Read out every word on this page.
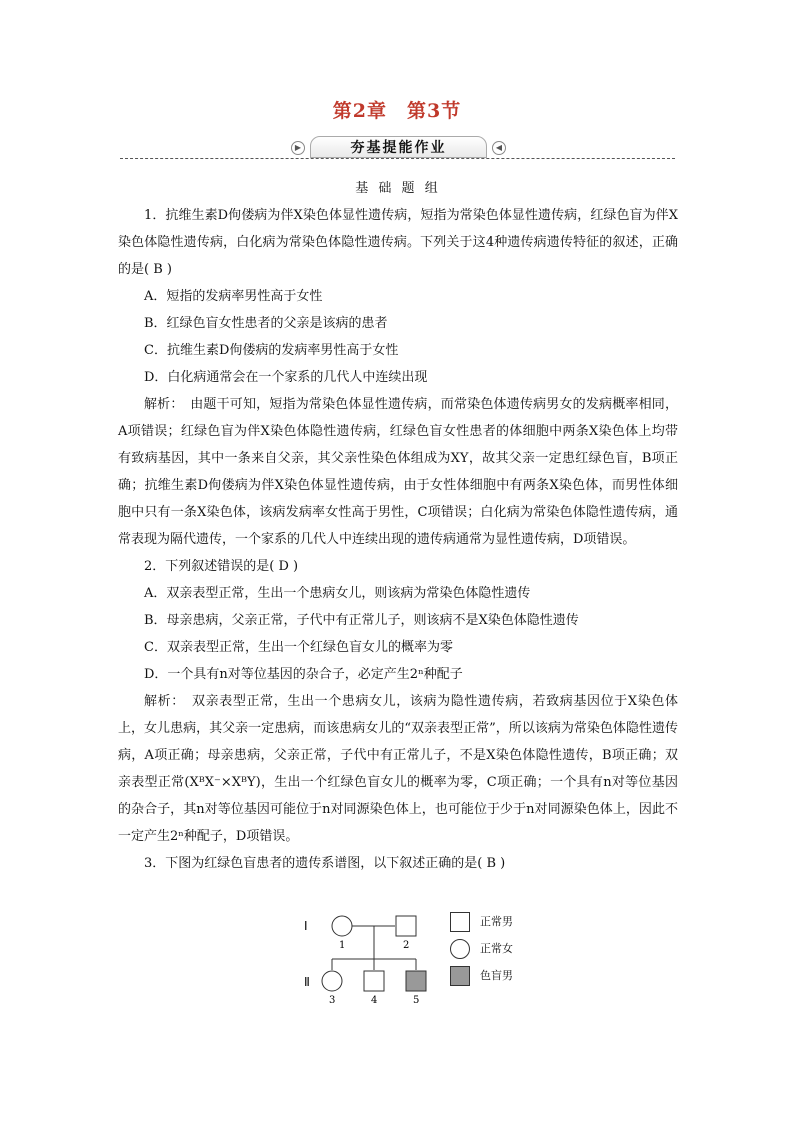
第2章　第3节
▶	夯基提能作业	◀
基 础 题 组

1．抗维生素D佝偻病为伴X染色体显性遗传病，短指为常染色体显性遗传病，红绿色盲为伴X染色体隐性遗传病，白化病为常染色体隐性遗传病。下列关于这4种遗传病遗传特征的叙述，正确的是( B )

A．短指的发病率男性高于女性

B．红绿色盲女性患者的父亲是该病的患者

C．抗维生素D佝偻病的发病率男性高于女性

D．白化病通常会在一个家系的几代人中连续出现

解析：　由题干可知，短指为常染色体显性遗传病，而常染色体遗传病男女的发病概率相同，A项错误；红绿色盲为伴X染色体隐性遗传病，红绿色盲女性患者的体细胞中两条X染色体上均带有致病基因，其中一条来自父亲，其父亲性染色体组成为XY，故其父亲一定患红绿色盲，B项正确；抗维生素D佝偻病为伴X染色体显性遗传病，由于女性体细胞中有两条X染色体，而男性体细胞中只有一条X染色体，该病发病率女性高于男性，C项错误；白化病为常染色体隐性遗传病，通常表现为隔代遗传，一个家系的几代人中连续出现的遗传病通常为显性遗传病，D项错误。

2．下列叙述错误的是( D )

A．双亲表型正常，生出一个患病女儿，则该病为常染色体隐性遗传

B．母亲患病，父亲正常，子代中有正常儿子，则该病不是X染色体隐性遗传

C．双亲表型正常，生出一个红绿色盲女儿的概率为零

D．一个具有n对等位基因的杂合子，必定产生2ⁿ种配子

解析：　双亲表型正常，生出一个患病女儿，该病为隐性遗传病，若致病基因位于X染色体上，女儿患病，其父亲一定患病，而该患病女儿的“双亲表型正常”，所以该病为常染色体隐性遗传病，A项正确；母亲患病，父亲正常，子代中有正常儿子，不是X染色体隐性遗传，B项正确；双亲表型正常(XᴮX⁻×XᴮY)，生出一个红绿色盲女儿的概率为零，C项正确；一个具有n对等位基因的杂合子，其n对等位基因可能位于n对同源染色体上，也可能位于少于n对同源染色体上，因此不一定产生2ⁿ种配子，D项错误。

3．下图为红绿色盲患者的遗传系谱图，以下叙述正确的是( B )

Ⅰ
Ⅱ
1	2
3	4	5
正常男
正常女
色盲男
